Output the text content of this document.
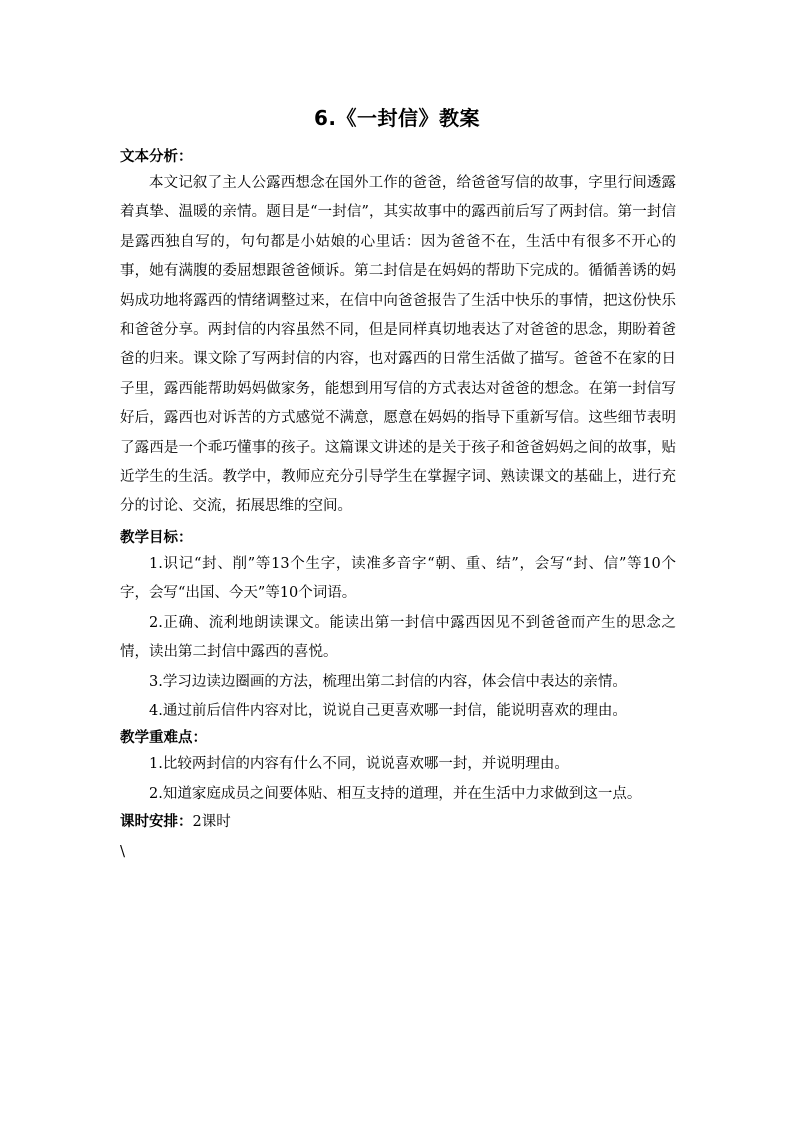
6.《一封信》教案

文本分析：

本文记叙了主人公露西想念在国外工作的爸爸，给爸爸写信的故事，字里行间透露着真挚、温暖的亲情。题目是“一封信”，其实故事中的露西前后写了两封信。第一封信是露西独自写的，句句都是小姑娘的心里话：因为爸爸不在，生活中有很多不开心的事，她有满腹的委屈想跟爸爸倾诉。第二封信是在妈妈的帮助下完成的。循循善诱的妈妈成功地将露西的情绪调整过来，在信中向爸爸报告了生活中快乐的事情，把这份快乐和爸爸分享。两封信的内容虽然不同，但是同样真切地表达了对爸爸的思念，期盼着爸爸的归来。课文除了写两封信的内容，也对露西的日常生活做了描写。爸爸不在家的日子里，露西能帮助妈妈做家务，能想到用写信的方式表达对爸爸的想念。在第一封信写好后，露西也对诉苦的方式感觉不满意，愿意在妈妈的指导下重新写信。这些细节表明了露西是一个乖巧懂事的孩子。这篇课文讲述的是关于孩子和爸爸妈妈之间的故事，贴近学生的生活。教学中，教师应充分引导学生在掌握字词、熟读课文的基础上，进行充分的讨论、交流，拓展思维的空间。

教学目标：

1.识记“封、削”等13个生字，读准多音字“朝、重、结”，会写“封、信”等10个字，会写“出国、今天”等10个词语。

2.正确、流利地朗读课文。能读出第一封信中露西因见不到爸爸而产生的思念之情，读出第二封信中露西的喜悦。

3.学习边读边圈画的方法，梳理出第二封信的内容，体会信中表达的亲情。

4.通过前后信件内容对比，说说自己更喜欢哪一封信，能说明喜欢的理由。

教学重难点：

1.比较两封信的内容有什么不同，说说喜欢哪一封，并说明理由。

2.知道家庭成员之间要体贴、相互支持的道理，并在生活中力求做到这一点。

课时安排：2课时

\
